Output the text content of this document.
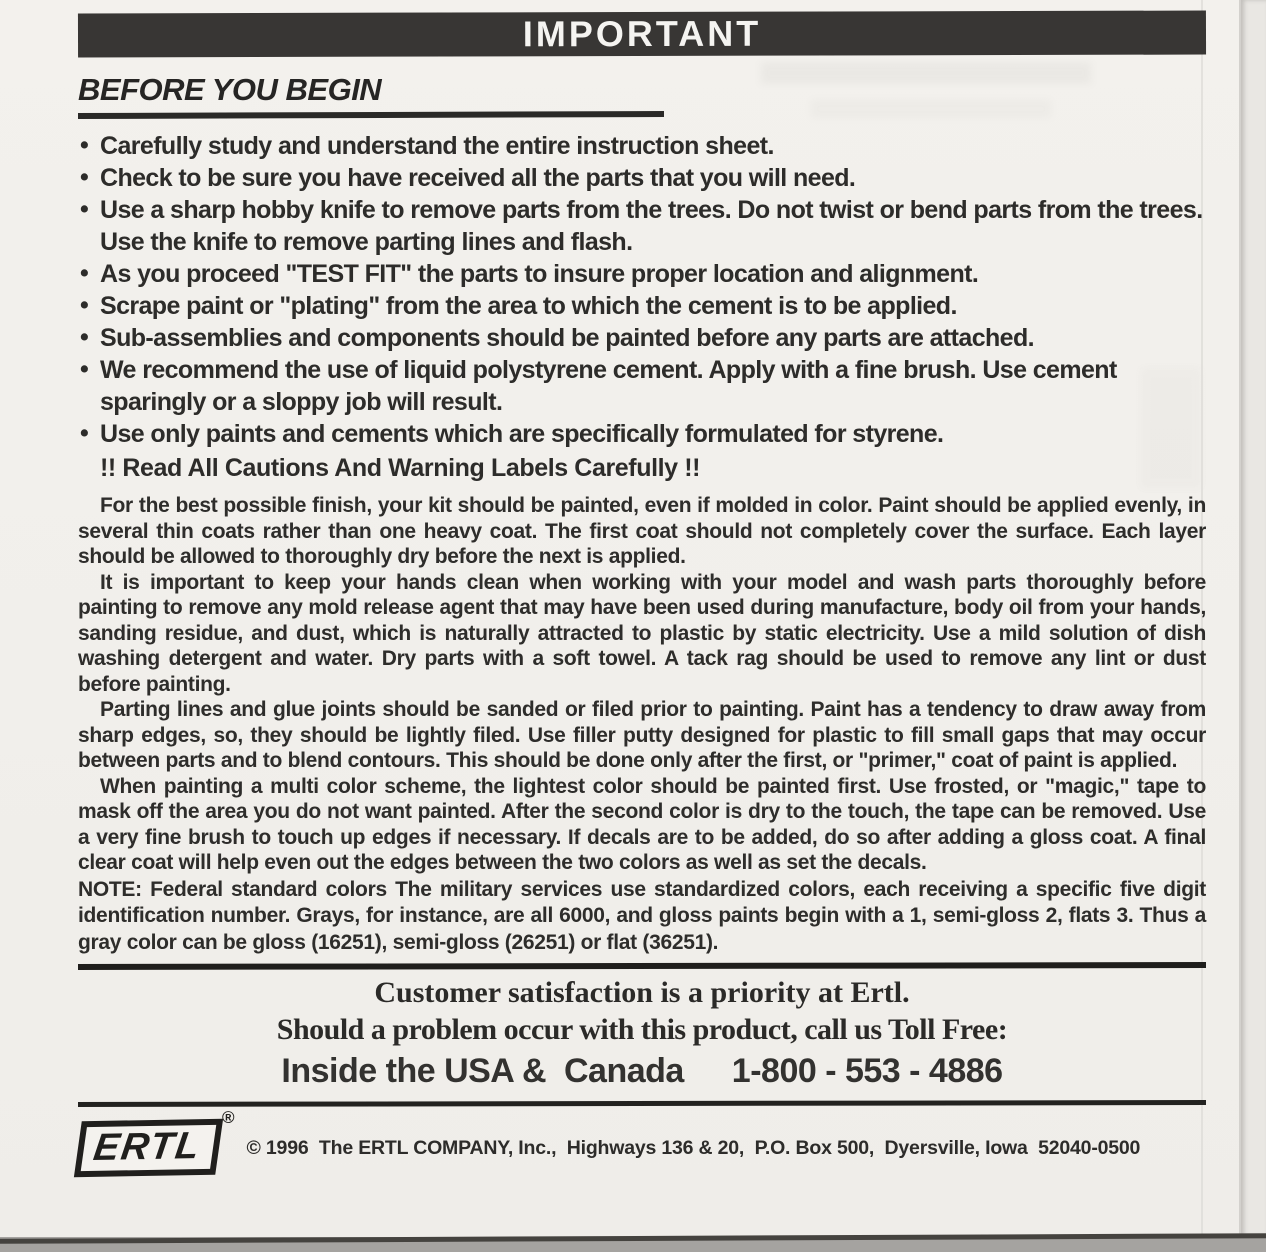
IMPORTANT
BEFORE YOU BEGIN
• Carefully study and understand the entire instruction sheet.
• Check to be sure you have received all the parts that you will need.
• Use a sharp hobby knife to remove parts from the trees. Do not twist or bend parts from the trees. Use the knife to remove parting lines and flash.
• As you proceed "TEST FIT" the parts to insure proper location and alignment.
• Scrape paint or "plating" from the area to which the cement is to be applied.
• Sub-assemblies and components should be painted before any parts are attached.
• We recommend the use of liquid polystyrene cement. Apply with a fine brush. Use cement sparingly or a sloppy job will result.
• Use only paints and cements which are specifically formulated for styrene.
!! Read All Cautions And Warning Labels Carefully !!

For the best possible finish, your kit should be painted, even if molded in color. Paint should be applied evenly, in several thin coats rather than one heavy coat. The first coat should not completely cover the surface. Each layer should be allowed to thoroughly dry before the next is applied.

It is important to keep your hands clean when working with your model and wash parts thoroughly before painting to remove any mold release agent that may have been used during manufacture, body oil from your hands, sanding residue, and dust, which is naturally attracted to plastic by static electricity. Use a mild solution of dish washing detergent and water. Dry parts with a soft towel. A tack rag should be used to remove any lint or dust before painting.

Parting lines and glue joints should be sanded or filed prior to painting. Paint has a tendency to draw away from sharp edges, so, they should be lightly filed. Use filler putty designed for plastic to fill small gaps that may occur between parts and to blend contours. This should be done only after the first, or "primer," coat of paint is applied.

When painting a multi color scheme, the lightest color should be painted first. Use frosted, or "magic," tape to mask off the area you do not want painted. After the second color is dry to the touch, the tape can be removed. Use a very fine brush to touch up edges if necessary. If decals are to be added, do so after adding a gloss coat. A final clear coat will help even out the edges between the two colors as well as set the decals.

NOTE: Federal standard colors The military services use standardized colors, each receiving a specific five digit identification number. Grays, for instance, are all 6000, and gloss paints begin with a 1, semi-gloss 2, flats 3. Thus a gray color can be gloss (16251), semi-gloss (26251) or flat (36251).

Customer satisfaction is a priority at Ertl.
Should a problem occur with this product, call us Toll Free:
Inside the USA &  Canada 1-800 - 553 - 4886
ERTL
®
© 1996  The ERTL COMPANY, Inc.,  Highways 136 & 20,  P.O. Box 500,  Dyersville, Iowa  52040-0500
